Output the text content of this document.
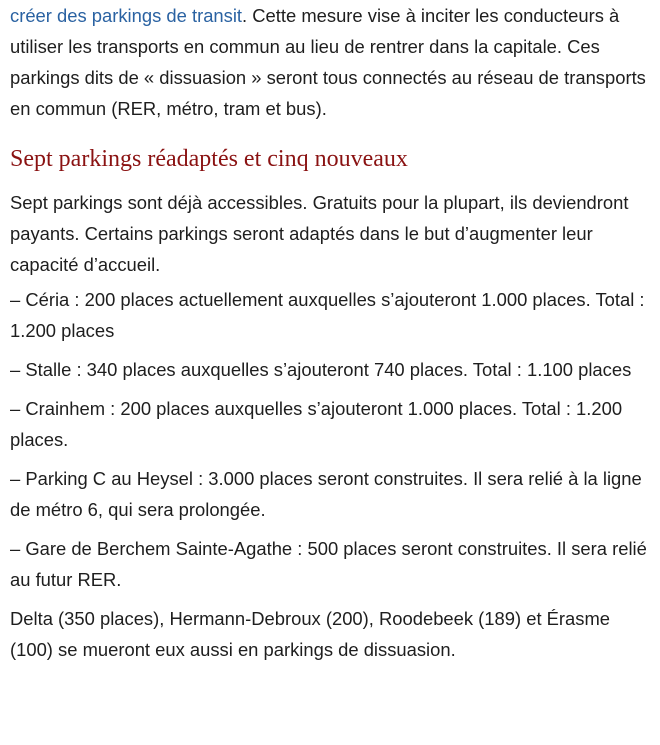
créer des parkings de transit. Cette mesure vise à inciter les conducteurs à utiliser les transports en commun au lieu de rentrer dans la capitale. Ces parkings dits de « dissuasion » seront tous connectés au réseau de transports en commun (RER, métro, tram et bus).

Sept parkings réadaptés et cinq nouveaux

Sept parkings sont déjà accessibles. Gratuits pour la plupart, ils deviendront payants. Certains parkings seront adaptés dans le but d’augmenter leur capacité d’accueil.

– Céria : 200 places actuellement auxquelles s’ajouteront 1.000 places. Total : 1.200 places

– Stalle : 340 places auxquelles s’ajouteront 740 places. Total : 1.100 places

– Crainhem : 200 places auxquelles s’ajouteront 1.000 places. Total : 1.200 places.

– Parking C au Heysel : 3.000 places seront construites. Il sera relié à la ligne de métro 6, qui sera prolongée.

– Gare de Berchem Sainte-Agathe : 500 places seront construites. Il sera relié au futur RER.

Delta (350 places), Hermann-Debroux (200), Roodebeek (189) et Érasme (100) se mueront eux aussi en parkings de dissuasion.
